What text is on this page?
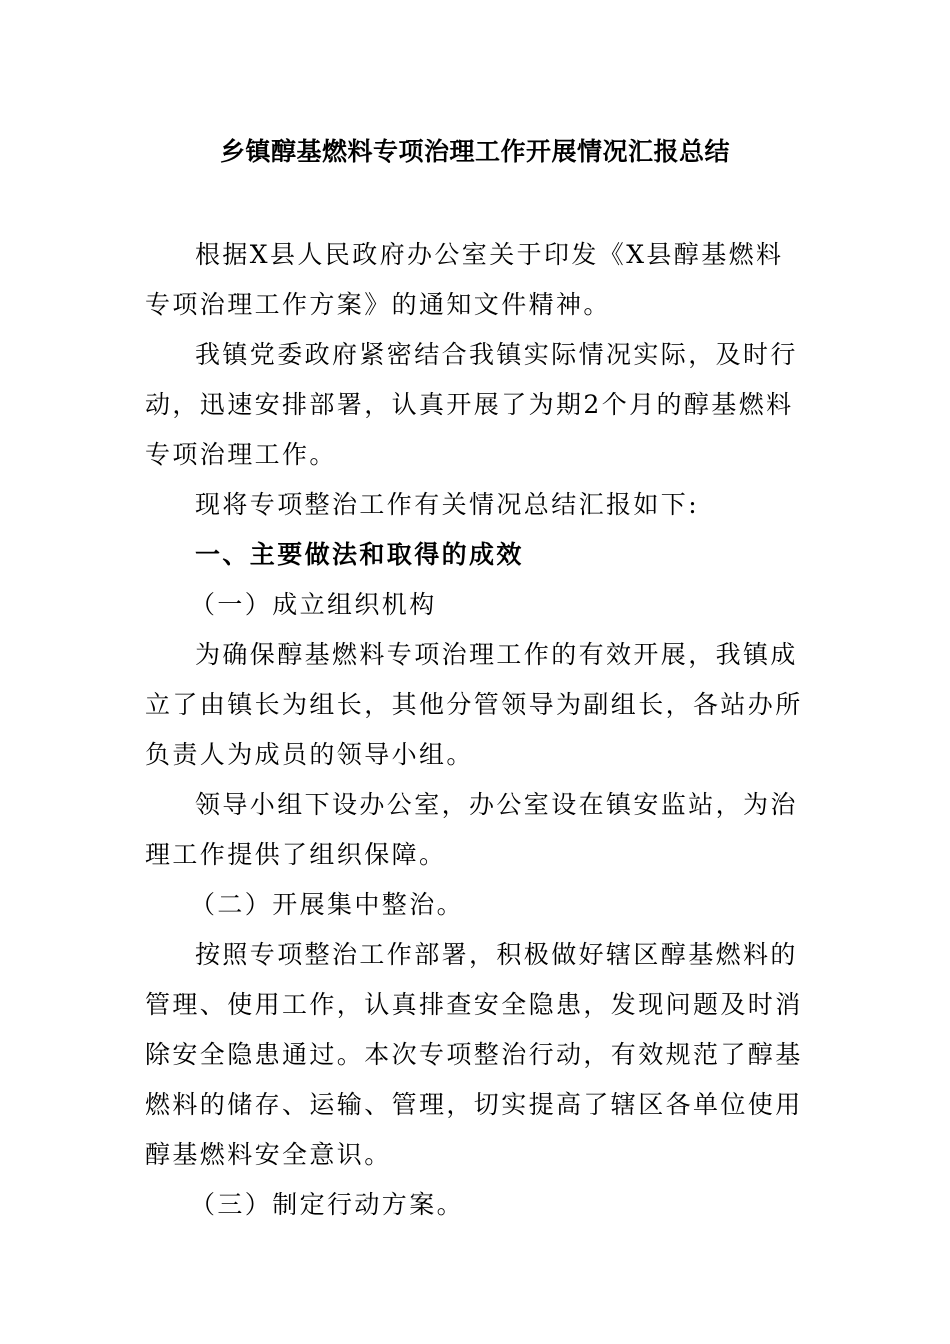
乡镇醇基燃料专项治理工作开展情况汇报总结

根据X县人民政府办公室关于印发《X县醇基燃料专项治理工作方案》的通知文件精神。

我镇党委政府紧密结合我镇实际情况实际，及时行动，迅速安排部署，认真开展了为期2个月的醇基燃料专项治理工作。

现将专项整治工作有关情况总结汇报如下:

一、主要做法和取得的成效

（一）成立组织机构

为确保醇基燃料专项治理工作的有效开展，我镇成立了由镇长为组长，其他分管领导为副组长，各站办所负责人为成员的领导小组。

领导小组下设办公室，办公室设在镇安监站，为治理工作提供了组织保障。

（二）开展集中整治。

按照专项整治工作部署，积极做好辖区醇基燃料的管理、使用工作，认真排查安全隐患，发现问题及时消除安全隐患通过。本次专项整治行动，有效规范了醇基燃料的储存、运输、管理，切实提高了辖区各单位使用醇基燃料安全意识。

（三）制定行动方案。
